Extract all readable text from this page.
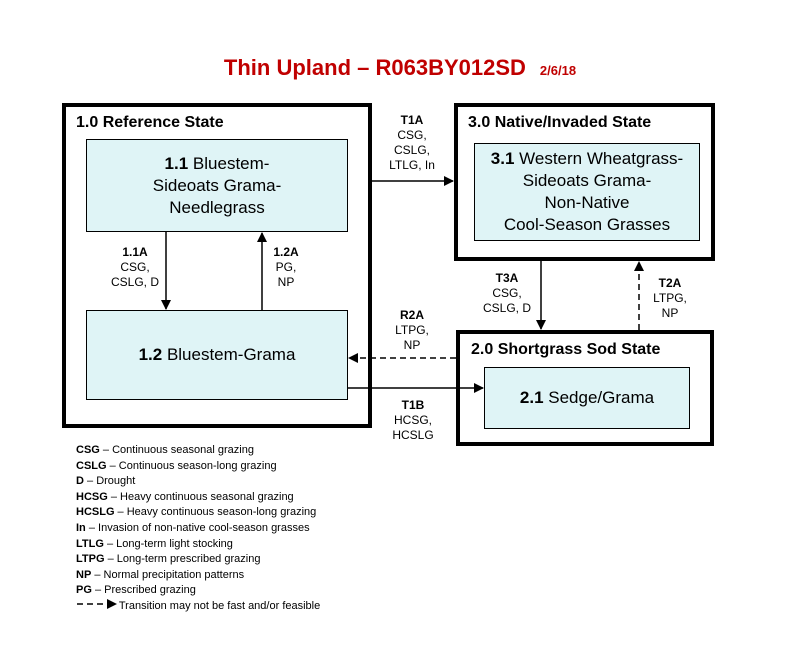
Thin Upland – R063BY012SD 2/6/18
1.0 Reference State	3.0 Native/Invaded State
2.0 Shortgrass Sod State
1.1 Bluestem-
Sideoats Grama-
Needlegrass
1.2 Bluestem-Grama
3.1 Western Wheatgrass-
Sideoats Grama-
Non-Native
Cool-Season Grasses
2.1 Sedge/Grama
1.1A
CSG,
CSLG, D
1.2A
PG,
NP
T1A
CSG,
CSLG,
LTLG, In
T3A
CSG,
CSLG, D
T2A
LTPG,
NP
R2A
LTPG,
NP
T1B
HCSG,
HCSLG
CSG – Continuous seasonal grazing
CSLG – Continuous season-long grazing
D – Drought
HCSG – Heavy continuous seasonal grazing
HCSLG – Heavy continuous season-long grazing
In – Invasion of non-native cool-season grasses
LTLG – Long-term light stocking
LTPG – Long-term prescribed grazing
NP – Normal precipitation patterns
PG – Prescribed grazing
Transition may not be fast and/or feasible
